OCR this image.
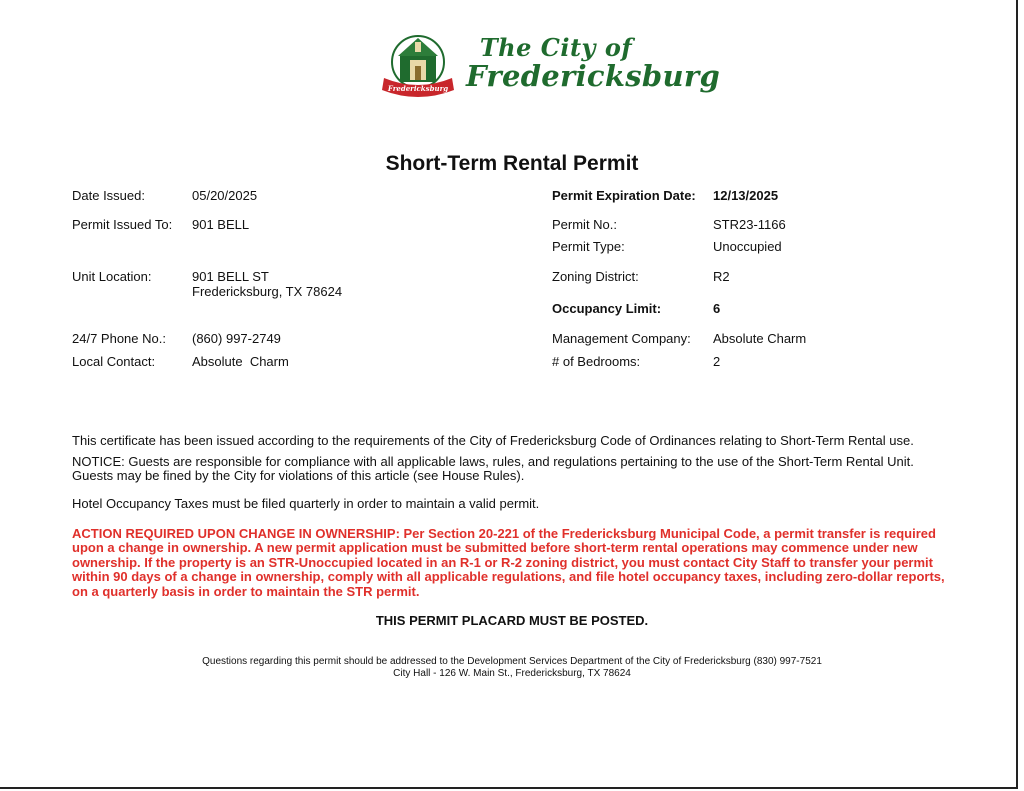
Fredericksburg
The City of
Fredericksburg
Short-Term Rental Permit
Date Issued:	05/20/2025
Permit Issued To: 901 BELL
Unit Location:	901 BELL ST
Fredericksburg, TX 78624
24/7 Phone No.: (860) 997-2749
Local Contact:	Absolute  Charm
Permit Expiration Date: 12/13/2025
Permit No.:	STR23-1166
Permit Type:	Unoccupied
Zoning District:	R2
Occupancy Limit:	6
Management Company: Absolute Charm
# of Bedrooms:	2
This certificate has been issued according to the requirements of the City of Fredericksburg Code of Ordinances relating to Short-Term Rental use.
NOTICE: Guests are responsible for compliance with all applicable laws, rules, and regulations pertaining to the use of the Short-Term Rental Unit.
Guests may be fined by the City for violations of this article (see House Rules).
Hotel Occupancy Taxes must be filed quarterly in order to maintain a valid permit.
ACTION REQUIRED UPON CHANGE IN OWNERSHIP: Per Section 20-221 of the Fredericksburg Municipal Code, a permit transfer is required
upon a change in ownership. A new permit application must be submitted before short-term rental operations may commence under new
ownership. If the property is an STR-Unoccupied located in an R-1 or R-2 zoning district, you must contact City Staff to transfer your permit
within 90 days of a change in ownership, comply with all applicable regulations, and file hotel occupancy taxes, including zero-dollar reports,
on a quarterly basis in order to maintain the STR permit.
THIS PERMIT PLACARD MUST BE POSTED.
Questions regarding this permit should be addressed to the Development Services Department of the City of Fredericksburg (830) 997-7521
City Hall - 126 W. Main St., Fredericksburg, TX 78624
